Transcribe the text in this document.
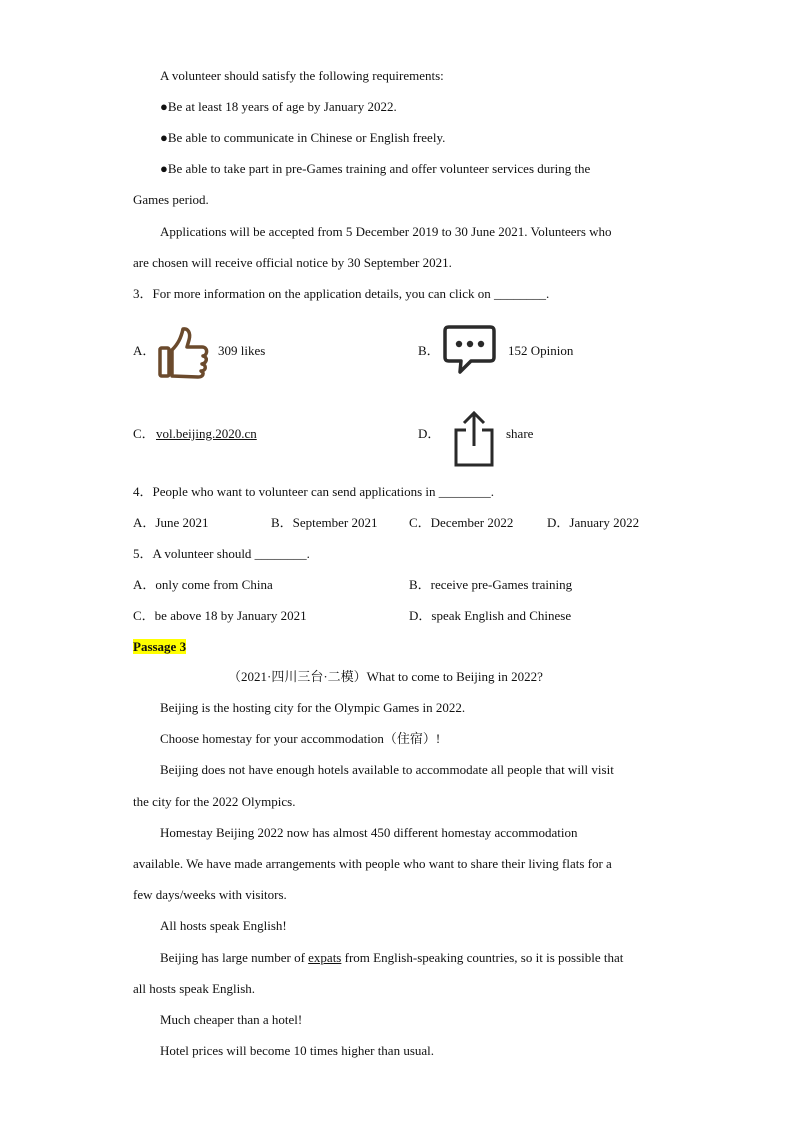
A volunteer should satisfy the following requirements:
●Be at least 18 years of age by January 2022.
●Be able to communicate in Chinese or English freely.
●Be able to take part in pre-Games training and offer volunteer services during the
Games period.
Applications will be accepted from 5 December 2019 to 30 June 2021. Volunteers who
are chosen will receive official notice by 30 September 2021.
3．For more information on the application details, you can click on ________.
A．	309 likes	B．	152 Opinion
C． vol.beijing.2020.cn	D．	share
4．People who want to volunteer can send applications in ________.
A．June 2021	B．September 2021 C．December 2022	D．January 2022
5．A volunteer should ________.
A．only come from China	B．receive pre-Games training
C．be above 18 by January 2021	D．speak English and Chinese
Passage 3
（2021·四川三台·二模）What to come to Beijing in 2022?
Beijing is the hosting city for the Olympic Games in 2022.
Choose homestay for your accommodation（住宿）!
Beijing does not have enough hotels available to accommodate all people that will visit
the city for the 2022 Olympics.
Homestay Beijing 2022 now has almost 450 different homestay accommodation
available. We have made arrangements with people who want to share their living flats for a
few days/weeks with visitors.
All hosts speak English!
Beijing has large number of expats from English-speaking countries, so it is possible that
all hosts speak English.
Much cheaper than a hotel!
Hotel prices will become 10 times higher than usual.
